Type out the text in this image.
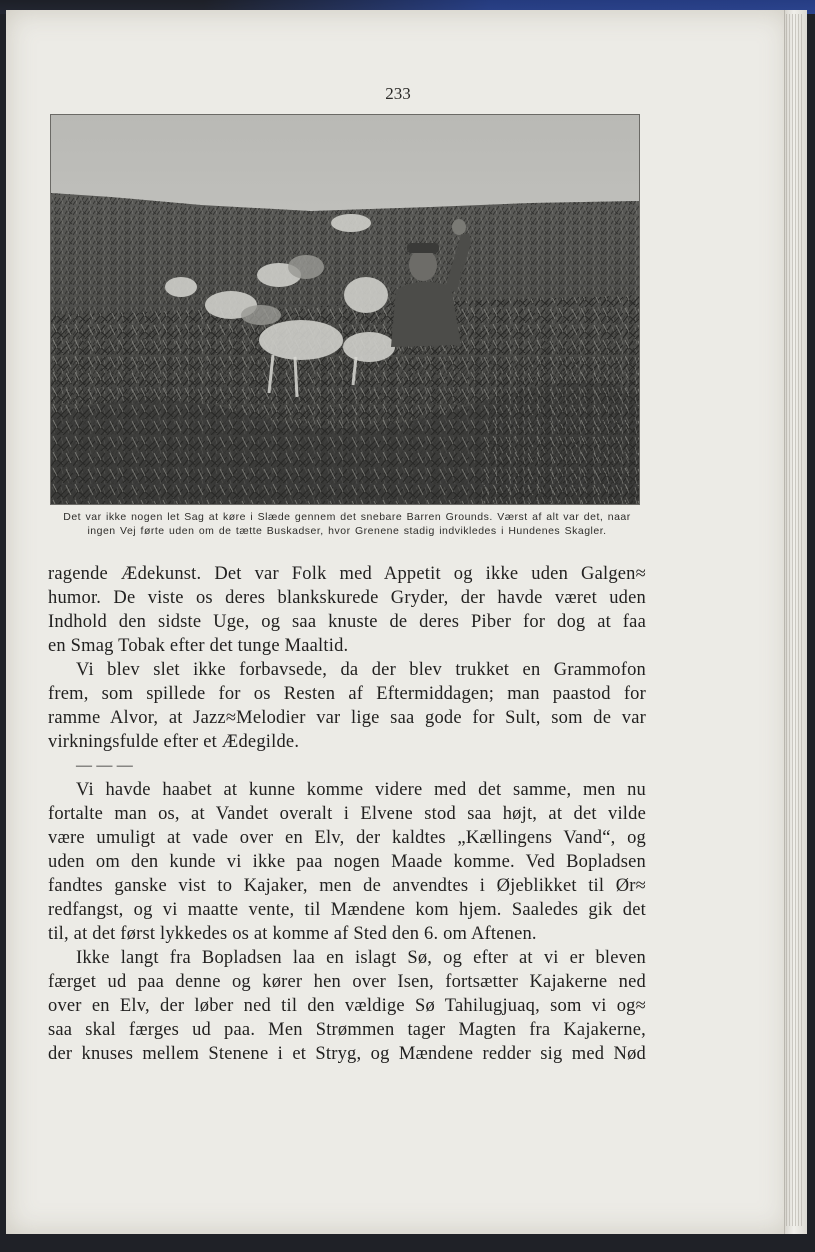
233
Det var ikke nogen let Sag at køre i Slæde gennem det snebare Barren Grounds. Værst af alt var det, naar
ingen Vej førte uden om de tætte Buskadser, hvor Grenene stadig indvikledes i Hundenes Skagler.
ragende Ædekunst. Det var Folk med Appetit og ikke uden Galgen≈
humor. De viste os deres blankskurede Gryder, der havde været uden
Indhold den sidste Uge, og saa knuste de deres Piber for dog at faa
en Smag Tobak efter det tunge Maaltid.
Vi blev slet ikke forbavsede, da der blev trukket en Grammofon
frem, som spillede for os Resten af Eftermiddagen; man paastod for
ramme Alvor, at Jazz≈Melodier var lige saa gode for Sult, som de var
virkningsfulde efter et Ædegilde.
— — —
Vi havde haabet at kunne komme videre med det samme, men nu
fortalte man os, at Vandet overalt i Elvene stod saa højt, at det vilde
være umuligt at vade over en Elv, der kaldtes „Kællingens Vand“, og
uden om den kunde vi ikke paa nogen Maade komme. Ved Bopladsen
fandtes ganske vist to Kajaker, men de anvendtes i Øjeblikket til Ør≈
redfangst, og vi maatte vente, til Mændene kom hjem. Saaledes gik det
til, at det først lykkedes os at komme af Sted den 6. om Aftenen.
Ikke langt fra Bopladsen laa en islagt Sø, og efter at vi er bleven
færget ud paa denne og kører hen over Isen, fortsætter Kajakerne ned
over en Elv, der løber ned til den vældige Sø Tahilugjuaq, som vi og≈
saa skal færges ud paa. Men Strømmen tager Magten fra Kajakerne,
der knuses mellem Stenene i et Stryg, og Mændene redder sig med Nød
